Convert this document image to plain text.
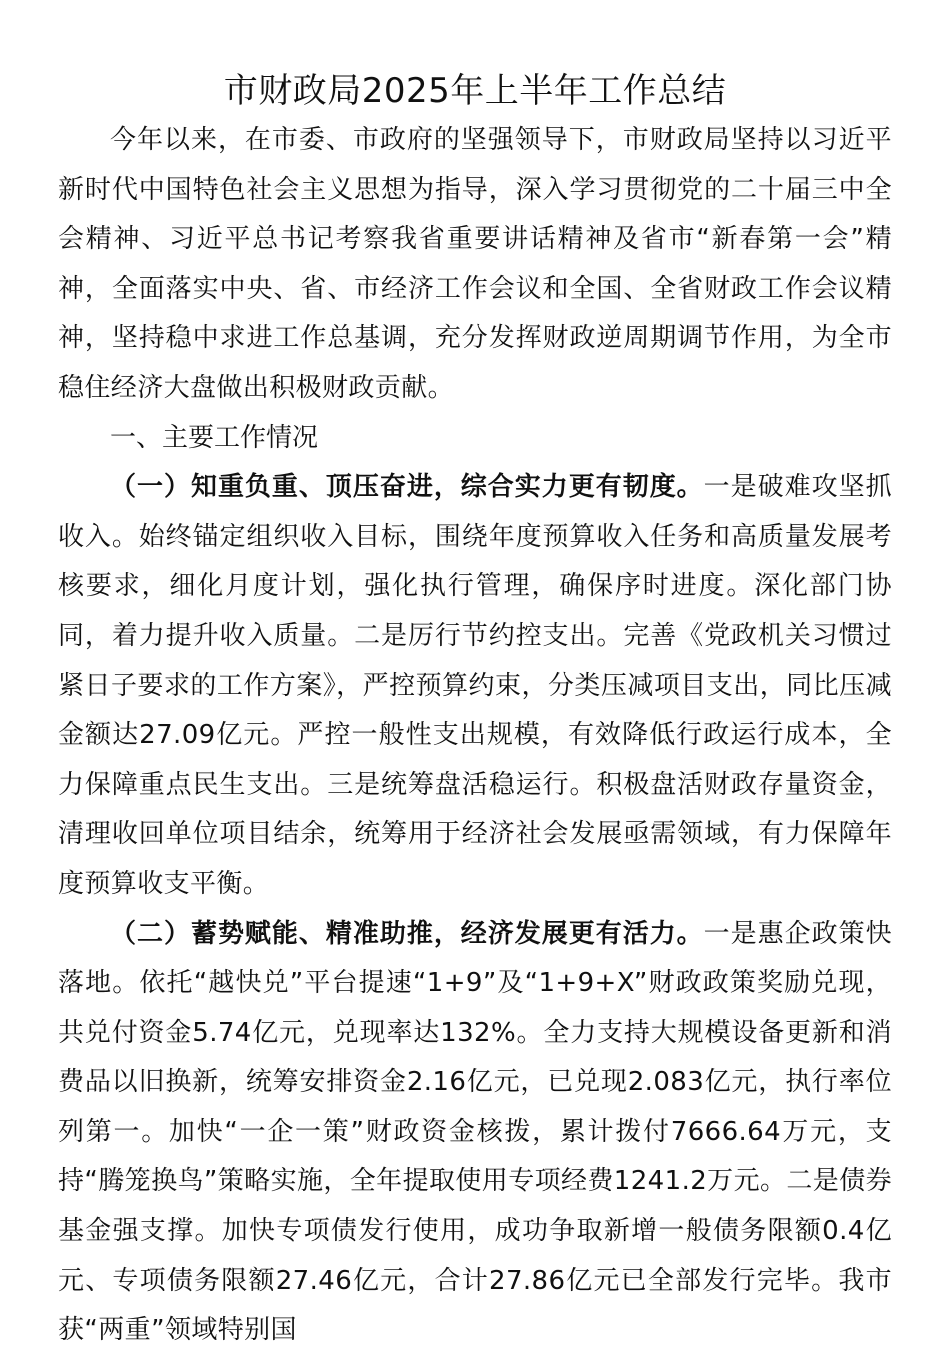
市财政局2025年上半年工作总结

今年以来，在市委、市政府的坚强领导下，市财政局坚持以习近平新时代中国特色社会主义思想为指导，深入学习贯彻党的二十届三中全会精神、习近平总书记考察我省重要讲话精神及省市“新春第一会”精神，全面落实中央、省、市经济工作会议和全国、全省财政工作会议精神，坚持稳中求进工作总基调，充分发挥财政逆周期调节作用，为全市稳住经济大盘做出积极财政贡献。

一、主要工作情况

（一）知重负重、顶压奋进，综合实力更有韧度。一是破难攻坚抓收入。始终锚定组织收入目标，围绕年度预算收入任务和高质量发展考核要求，细化月度计划，强化执行管理，确保序时进度。深化部门协同，着力提升收入质量。二是厉行节约控支出。完善《党政机关习惯过紧日子要求的工作方案》，严控预算约束，分类压减项目支出，同比压减金额达27.09亿元。严控一般性支出规模，有效降低行政运行成本，全力保障重点民生支出。三是统筹盘活稳运行。积极盘活财政存量资金，清理收回单位项目结余，统筹用于经济社会发展亟需领域，有力保障年度预算收支平衡。

（二）蓄势赋能、精准助推，经济发展更有活力。一是惠企政策快落地。依托“越快兑”平台提速“1+9”及“1+9+X”财政政策奖励兑现，共兑付资金5.74亿元，兑现率达132%。全力支持大规模设备更新和消费品以旧换新，统筹安排资金2.16亿元，已兑现2.083亿元，执行率位列第一。加快“一企一策”财政资金核拨，累计拨付7666.64万元，支持“腾笼换鸟”策略实施，全年提取使用专项经费1241.2万元。二是债券基金强支撑。加快专项债发行使用，成功争取新增一般债务限额0.4亿元、专项债务限额27.46亿元，合计27.86亿元已全部发行完毕。我市获“两重”领域特别国
